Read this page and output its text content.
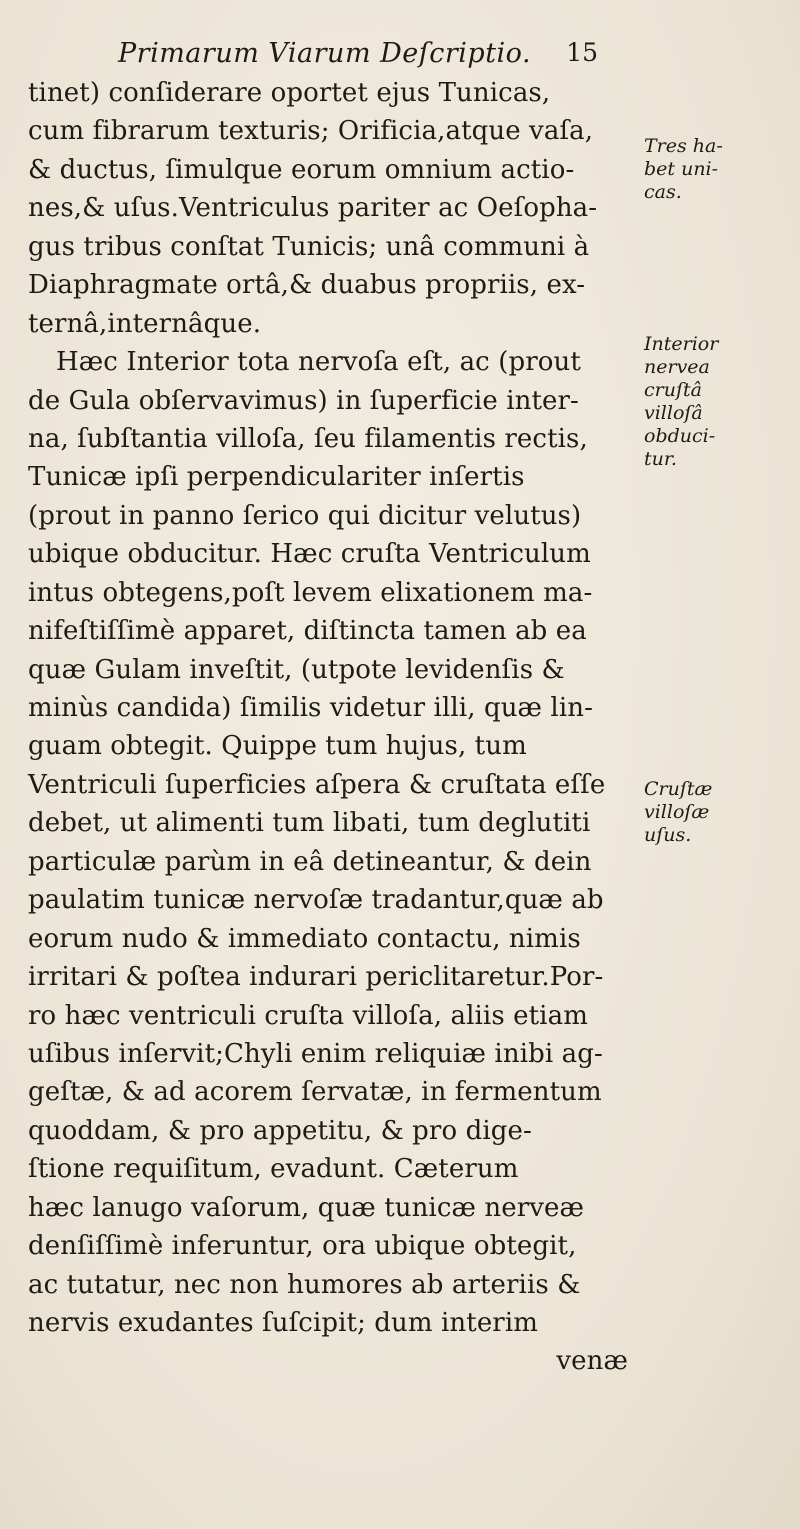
Primarum Viarum Deſcriptio. 15
tinet) conſiderare oportet ejus Tunicas,
cum fibrarum texturis; Orificia,atque vaſa,
& ductus, ſimulque eorum omnium actio-
nes,& uſus.Ventriculus pariter ac Oeſopha-
gus tribus conſtat Tunicis; unâ communi à
Diaphragmate ortâ,& duabus propriis, ex-
ternâ,internâque.
Hæc Interior tota nervoſa eſt, ac (prout
de Gula obſervavimus) in ſuperficie inter-
na, ſubſtantia villoſa, ſeu filamentis rectis,
Tunicæ ipſi perpendiculariter inſertis
(prout in panno ſerico qui dicitur velutus)
ubique obducitur. Hæc cruſta Ventriculum
intus obtegens,poſt levem elixationem ma-
nifeſtiſſimè apparet, diſtincta tamen ab ea
quæ Gulam inveſtit, (utpote levidenſis &
minùs candida) ſimilis videtur illi, quæ lin-
guam obtegit. Quippe tum hujus, tum
Ventriculi ſuperficies aſpera & cruſtata eſſe
debet, ut alimenti tum libati, tum deglutiti
particulæ parùm in eâ detineantur, & dein
paulatim tunicæ nervoſæ tradantur,quæ ab
eorum nudo & immediato contactu, nimis
irritari & poſtea indurari periclitaretur.Por-
ro hæc ventriculi cruſta villoſa, aliis etiam
uſibus inſervit;Chyli enim reliquiæ inibi ag-
geſtæ, & ad acorem ſervatæ, in fermentum
quoddam, & pro appetitu, & pro dige-
ſtione requiſitum, evadunt. Cæterum
hæc lanugo vaſorum, quæ tunicæ nerveæ
denſiſſimè inferuntur, ora ubique obtegit,
ac tutatur, nec non humores ab arteriis &
nervis exudantes ſuſcipit; dum interim
venæ
Tres ha-
bet uni-
cas.
Interior
nervea
cruſtâ
villoſâ
obduci-
tur.
Cruſtæ
villoſæ
uſus.
